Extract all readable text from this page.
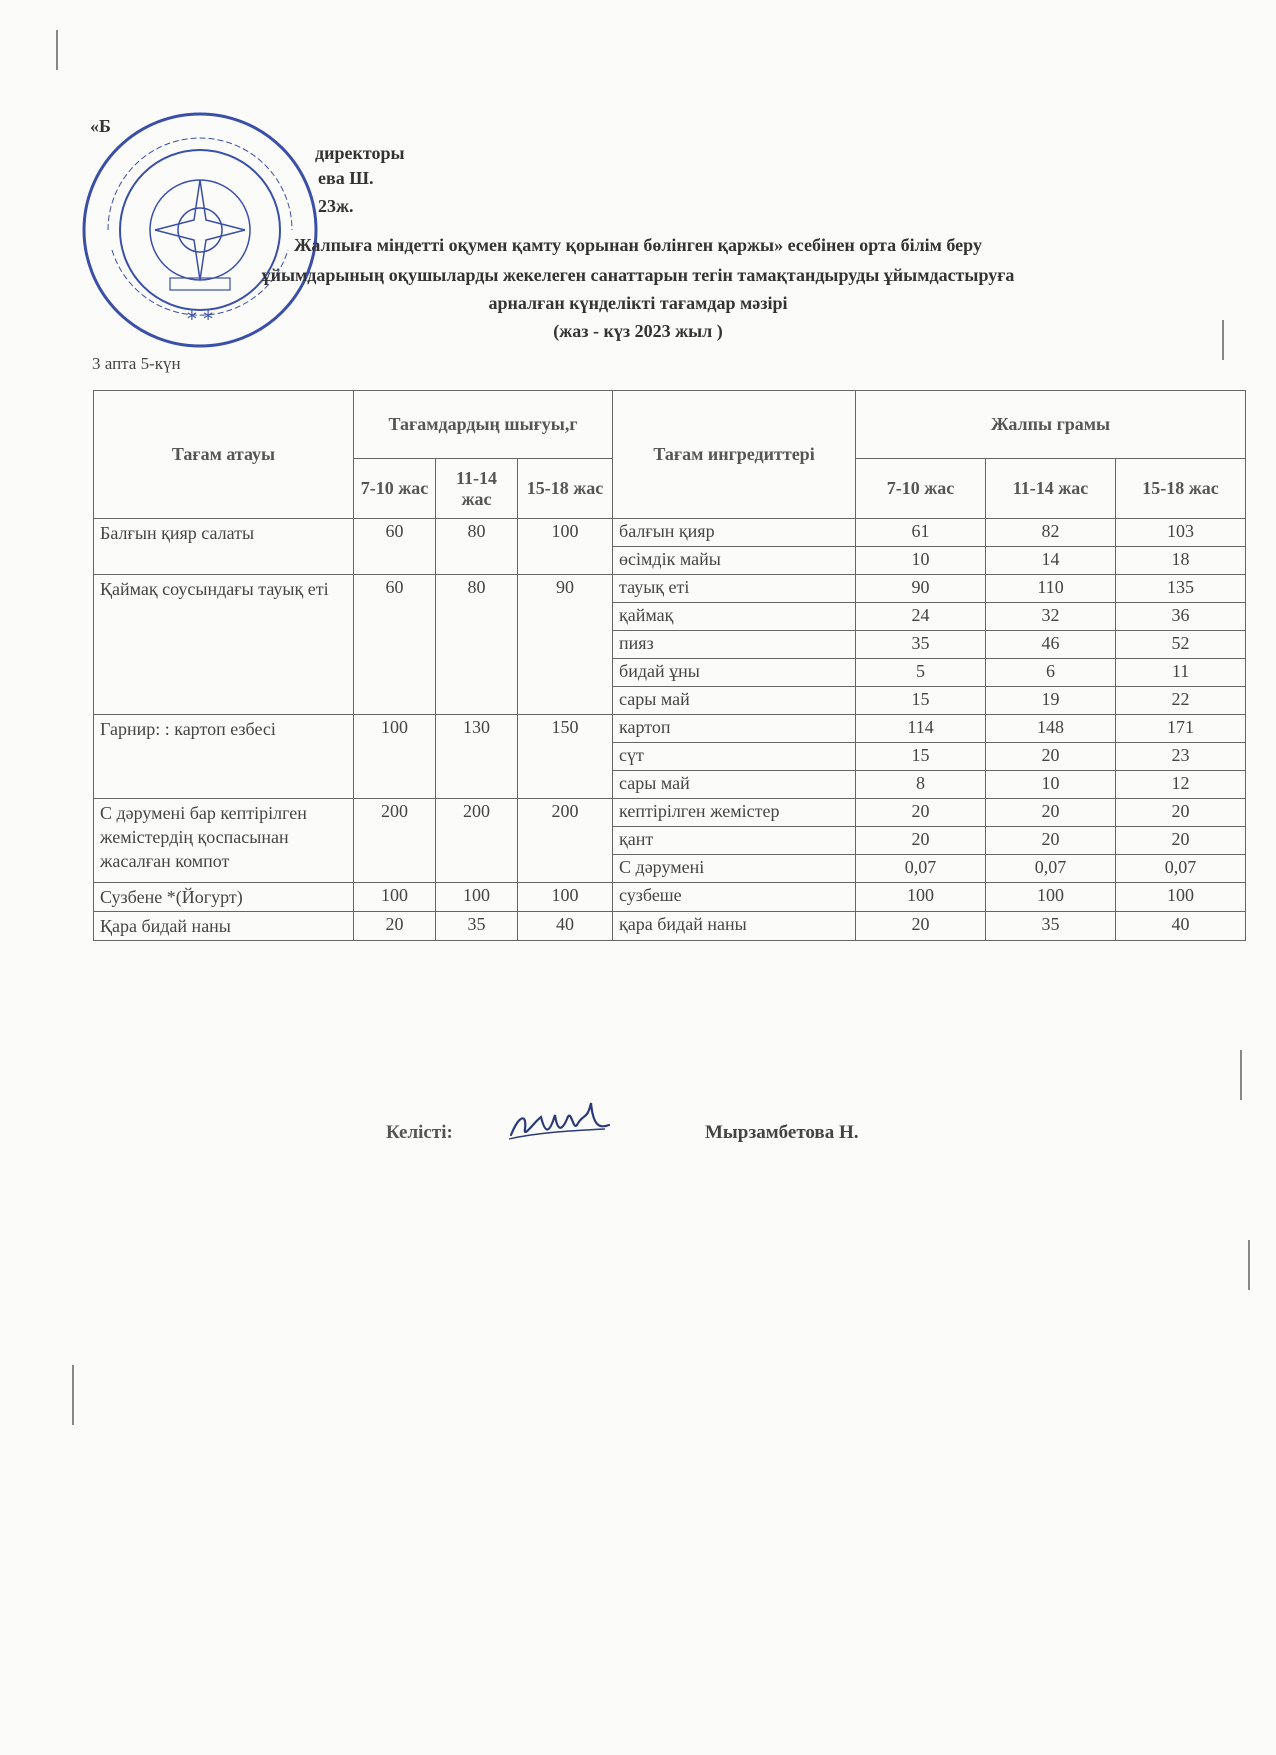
«Б
директоры
ева Ш.
23ж.
* *
Жалпыға міндетті оқумен қамту қорынан бөлінген қаржы» есебінен орта білім беру
ұйымдарының оқушыларды жекелеген санаттарын тегін тамақтандыруды ұйымдастыруға
арналған күнделікті тағамдар мәзірі
(жаз - күз 2023 жыл )
3 апта 5-күн
Тағам атауы	Тағамдардың шығуы,г			Тағам ингредиттері	Жалпы грамы		
	7-10 жас	11-14 жас	15-18 жас		7-10 жас	11-14 жас	15-18 жас
Балғын қияр салаты	60	80	100	балғын қияр	61	82	103
				өсімдік майы	10	14	18
Қаймақ соусындағы тауық еті	60	80	90	тауық еті	90	110	135
				қаймақ	24	32	36
				пияз	35	46	52
				бидай ұны	5	6	11
				сары май	15	19	22
Гарнир: : картоп езбесі	100	130	150	картоп	114	148	171
				сүт	15	20	23
				сары май	8	10	12
С дәрумені бар кептірілген жемістердің қоспасынан жасалған компот	200	200	200	кептірілген жемістер	20	20	20
				қант	20	20	20
				С дәрумені	0,07	0,07	0,07
Сузбене *(Йогурт)	100	100	100	сузбеше	100	100	100
Қара бидай наны	20	35	40	қара бидай наны	20	35	40
Келісті:	Мырзамбетова Н.
